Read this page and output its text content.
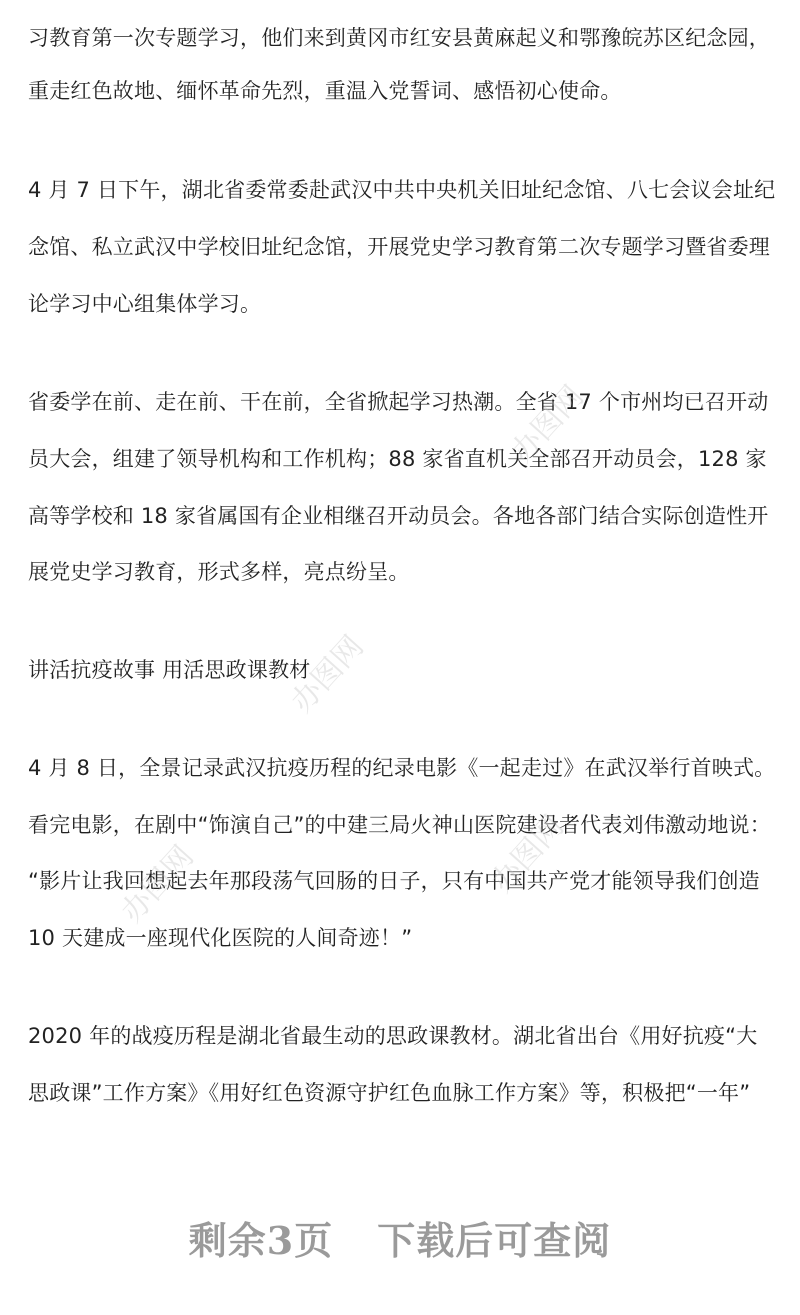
习教育第一次专题学习，他们来到黄冈市红安县黄麻起义和鄂豫皖苏区纪念园，
重走红色故地、缅怀革命先烈，重温入党誓词、感悟初心使命。
4 月 7 日下午，湖北省委常委赴武汉中共中央机关旧址纪念馆、八七会议会址纪
念馆、私立武汉中学校旧址纪念馆，开展党史学习教育第二次专题学习暨省委理
论学习中心组集体学习。
省委学在前、走在前、干在前，全省掀起学习热潮。全省 17 个市州均已召开动
员大会，组建了领导机构和工作机构；88 家省直机关全部召开动员会，128 家
高等学校和 18 家省属国有企业相继召开动员会。各地各部门结合实际创造性开
展党史学习教育，形式多样，亮点纷呈。
讲活抗疫故事 用活思政课教材
4 月 8 日，全景记录武汉抗疫历程的纪录电影《一起走过》在武汉举行首映式。
看完电影，在剧中“饰演自己”的中建三局火神山医院建设者代表刘伟激动地说：
“影片让我回想起去年那段荡气回肠的日子，只有中国共产党才能领导我们创造
10 天建成一座现代化医院的人间奇迹！”
2020 年的战疫历程是湖北省最生动的思政课教材。湖北省出台《用好抗疫“大
思政课”工作方案》《用好红色资源守护红色血脉工作方案》等，积极把“一年”
办图网
办图网
办图网
办图网
剩余3页 下载后可查阅
